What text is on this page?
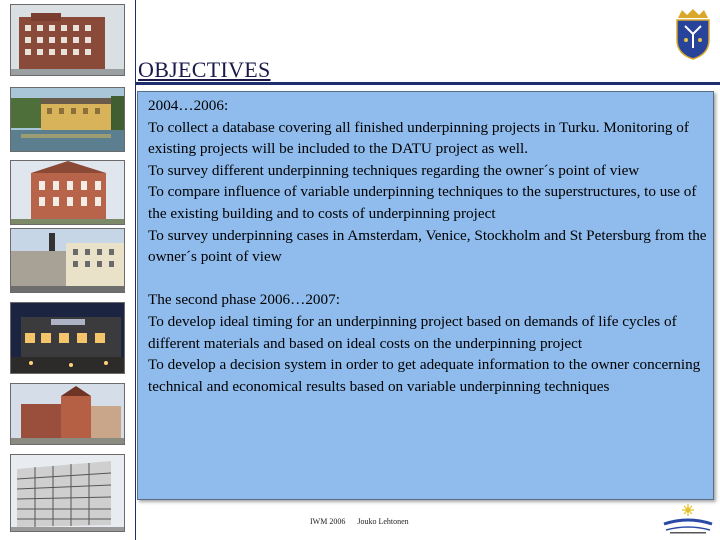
OBJECTIVES

2004…2006:

To collect a database covering all finished underpinning projects in Turku. Monitoring of existing projects will be included to the DATU project as well.

To survey different underpinning techniques regarding the owner´s point of view

To compare influence of variable underpinning techniques to the superstructures, to use of the existing building and to costs of underpinning project

To survey underpinning cases in Amsterdam, Venice, Stockholm and St Petersburg from the owner´s point of view

The second phase 2006…2007:

To develop ideal timing for an underpinning project based on demands of life cycles of different materials and based on ideal costs on the underpinning project

To develop a decision system in order to get adequate information to the owner concerning technical and economical results based on variable underpinning techniques

IWM 2006 Jouko Lehtonen
